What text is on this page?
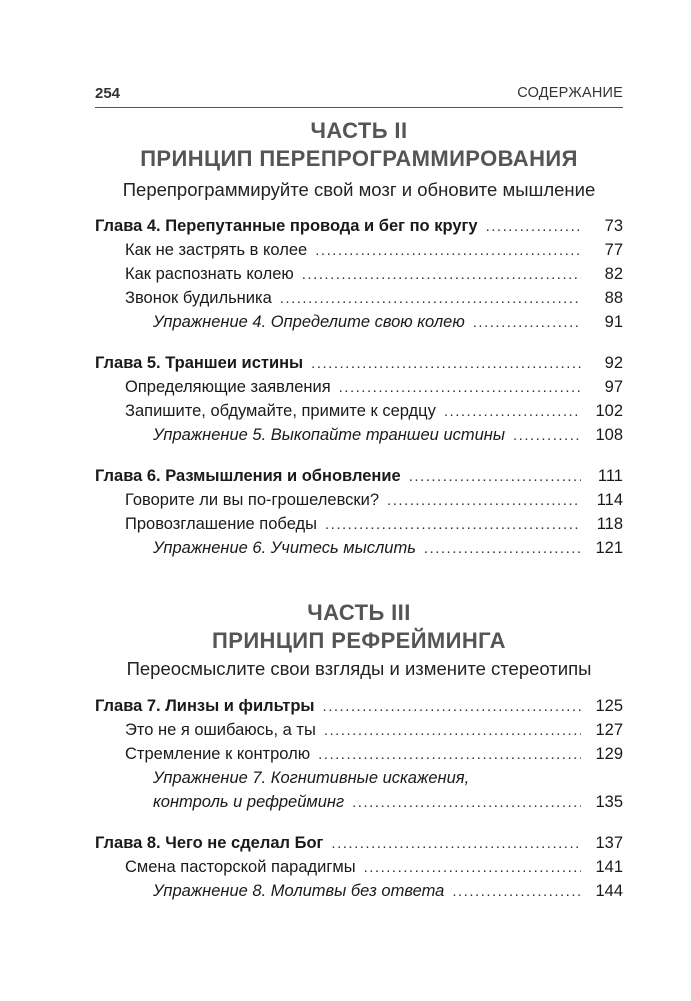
254	СОДЕРЖАНИЕ
ЧАСТЬ II
ПРИНЦИП ПЕРЕПРОГРАММИРОВАНИЯ
Перепрограммируйте свой мозг и обновите мышление
Глава 4. Перепутанные провода и бег по кругу .....	73
Как не застрять в колее .....	77
Как распознать колею .....	82
Звонок будильника .....	88
Упражнение 4. Определите свою колею .....	91
Глава 5. Траншеи истины .....	92
Определяющие заявления .....	97
Запишите, обдумайте, примите к сердцу .....	102
Упражнение 5. Выкопайте траншеи истины .....	108
Глава 6. Размышления и обновление .....	111
Говорите ли вы по-грошелевски? .....	114
Провозглашение победы .....	118
Упражнение 6. Учитесь мыслить .....	121
ЧАСТЬ III
ПРИНЦИП РЕФРЕЙМИНГА
Переосмыслите свои взгляды и измените стереотипы
Глава 7. Линзы и фильтры .....	125
Это не я ошибаюсь, а ты .....	127
Стремление к контролю .....	129
Упражнение 7. Когнитивные искажения,
контроль и рефрейминг .....	135
Глава 8. Чего не сделал Бог .....	137
Смена пасторской парадигмы .....	141
Упражнение 8. Молитвы без ответа .....	144
